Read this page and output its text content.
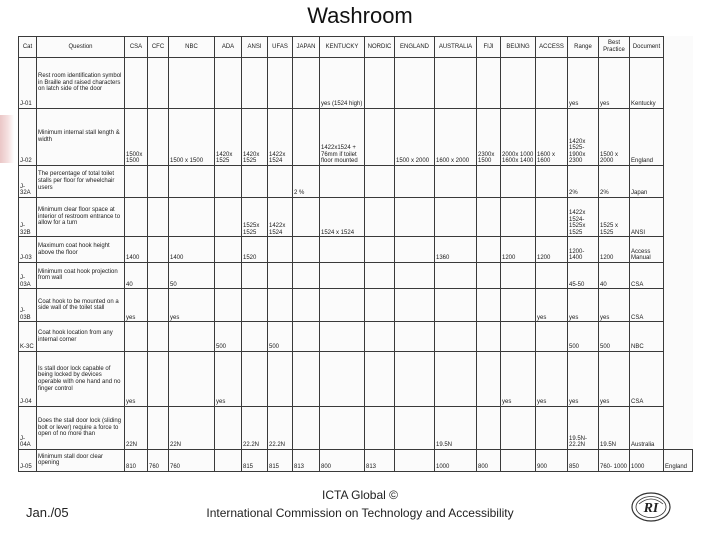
Washroom
Cat	Question	CSA	CFC	NBC	ADA	ANSI	UFAS	JAPAN	KENTUCKY	NORDIC	ENGLAND	AUSTRALIA	FIJI	BEIJING	ACCESS	Range	Best Practice	Document	
J-01	Rest room identification symbol in Braille and raised characters on latch side of the door								yes (1524 high)							yes	yes	Kentucky	
J-02	Minimum internal stall length & width	1500x 1500		1500 x 1500	1420x 1525	1420x 1525	1422x 1524		1422x1524 + 76mm if toilet floor mounted		1500 x 2000	1600 x 2000	2300x 1500	2000x 1000 1600x 1400	1600 x 1600	1420x 1525- 1900x 2300	1500 x 2000	England	
J-32A	The percentage of total toilet stalls per floor for wheelchair users							2 %								2%	2%	Japan	
J-32B	Minimum clear floor space at interior of restroom entrance to allow for a turn					1525x 1525	1422x 1524		1524 x 1524							1422x 1524- 1525x 1525	1525 x 1525	ANSI	
J-03	Maximum coat hook height above the floor	1400		1400		1520						1360		1200	1200	1200- 1400	1200	Access Manual	
J-03A	Minimum coat hook projection from wall	40		50												45-50	40	CSA	
J-03B	Coat hook to be mounted on a side wall of the toilet stall	yes		yes											yes	yes	yes	CSA	
K-3C	Coat hook location from any internal corner				500		500									500	500	NBC	
J-04	Is stall door lock capable of being locked by devices operable with one hand and no finger control	yes			yes									yes	yes	yes	yes	CSA	
J-04A	Does the stall door lock (sliding bolt or lever) require a force to open of no more than	22N		22N		22.2N	22.2N					19.5N				19.5N- 22.2N	19.5N	Australia	
J-05	Minimum stall door clear opening	810	760	760		815	815	813	800	813		1000	800		900	850	760- 1000	1000	England
Jan./05
ICTA Global ©
International Commission on Technology and Accessibility	RI
